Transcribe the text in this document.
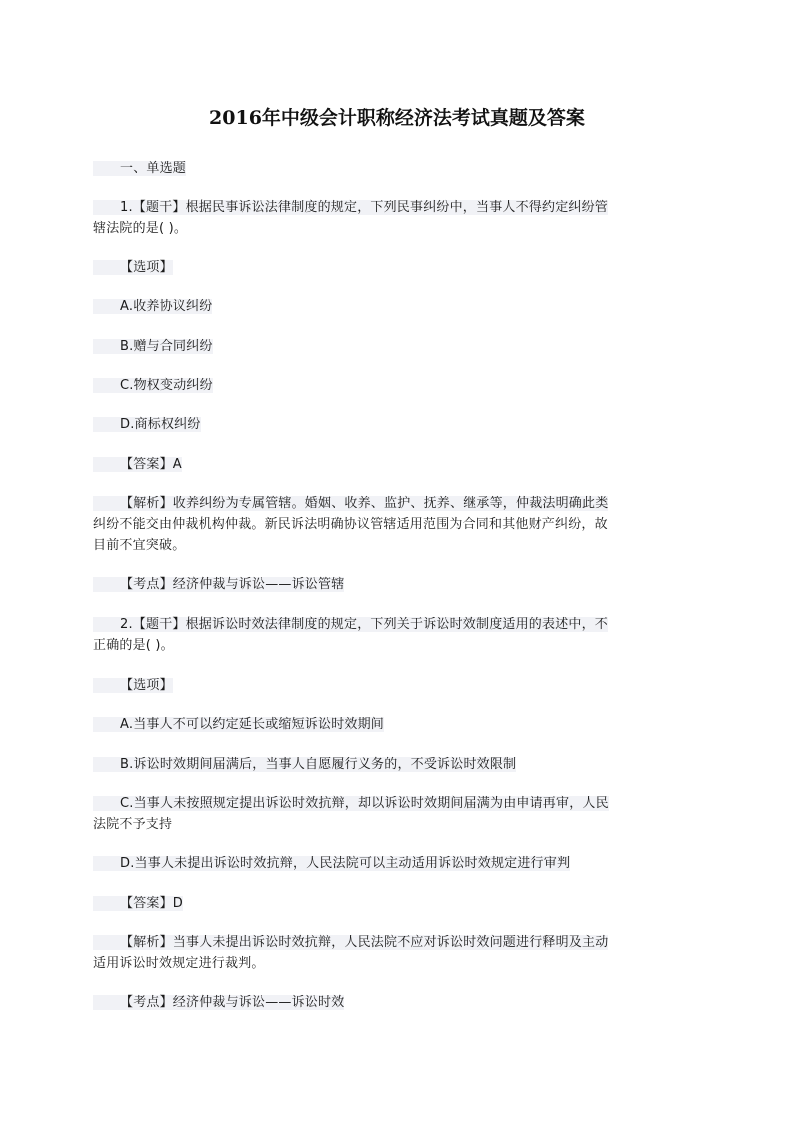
2016年中级会计职称经济法考试真题及答案
一、单选题
1.【题干】根据民事诉讼法律制度的规定，下列民事纠纷中，当事人不得约定纠纷管
辖法院的是( )。
【选项】
A.收养协议纠纷
B.赠与合同纠纷
C.物权变动纠纷
D.商标权纠纷
【答案】A
【解析】收养纠纷为专属管辖。婚姻、收养、监护、抚养、继承等，仲裁法明确此类
纠纷不能交由仲裁机构仲裁。新民诉法明确协议管辖适用范围为合同和其他财产纠纷，故
目前不宜突破。
【考点】经济仲裁与诉讼——诉讼管辖
2.【题干】根据诉讼时效法律制度的规定，下列关于诉讼时效制度适用的表述中，不
正确的是( )。
【选项】
A.当事人不可以约定延长或缩短诉讼时效期间
B.诉讼时效期间届满后，当事人自愿履行义务的，不受诉讼时效限制
C.当事人未按照规定提出诉讼时效抗辩，却以诉讼时效期间届满为由申请再审，人民
法院不予支持
D.当事人未提出诉讼时效抗辩，人民法院可以主动适用诉讼时效规定进行审判
【答案】D
【解析】当事人未提出诉讼时效抗辩，人民法院不应对诉讼时效问题进行释明及主动
适用诉讼时效规定进行裁判。
【考点】经济仲裁与诉讼——诉讼时效
